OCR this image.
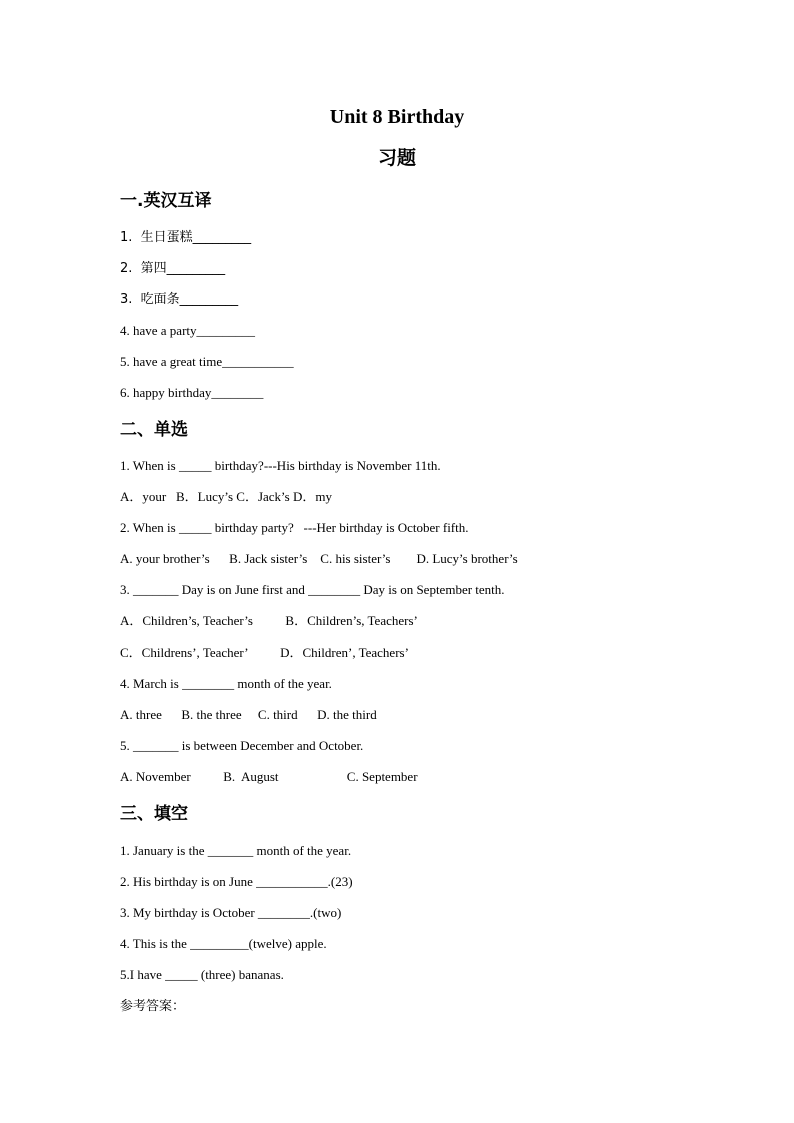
Unit 8 Birthday
习题
一.英汉互译
1.  生日蛋糕_________
2.  第四_________
3.  吃面条_________
4. have a party_________
5. have a great time___________
6. happy birthday________
二、单选
1. When is _____ birthday?---His birthday is November 11th.
A．your   B．Lucy’s C．Jack’s D．my
2. When is _____ birthday party?   ---Her birthday is October fifth.
A. your brother’s      B. Jack sister’s    C. his sister’s        D. Lucy’s brother’s
3. _______ Day is on June first and ________ Day is on September tenth.
A．Children’s, Teacher’s          B．Children’s, Teachers’
C．Childrens’, Teacher’          D．Children’, Teachers’
4. March is ________ month of the year.
A. three      B. the three     C. third      D. the third
5. _______ is between December and October.
A. November          B.  August                     C. September
三、填空
1. January is the _______ month of the year.
2. His birthday is on June ___________.(23)
3. My birthday is October ________.(two)
4. This is the _________(twelve) apple.
5.I have _____ (three) bananas.
参考答案：
